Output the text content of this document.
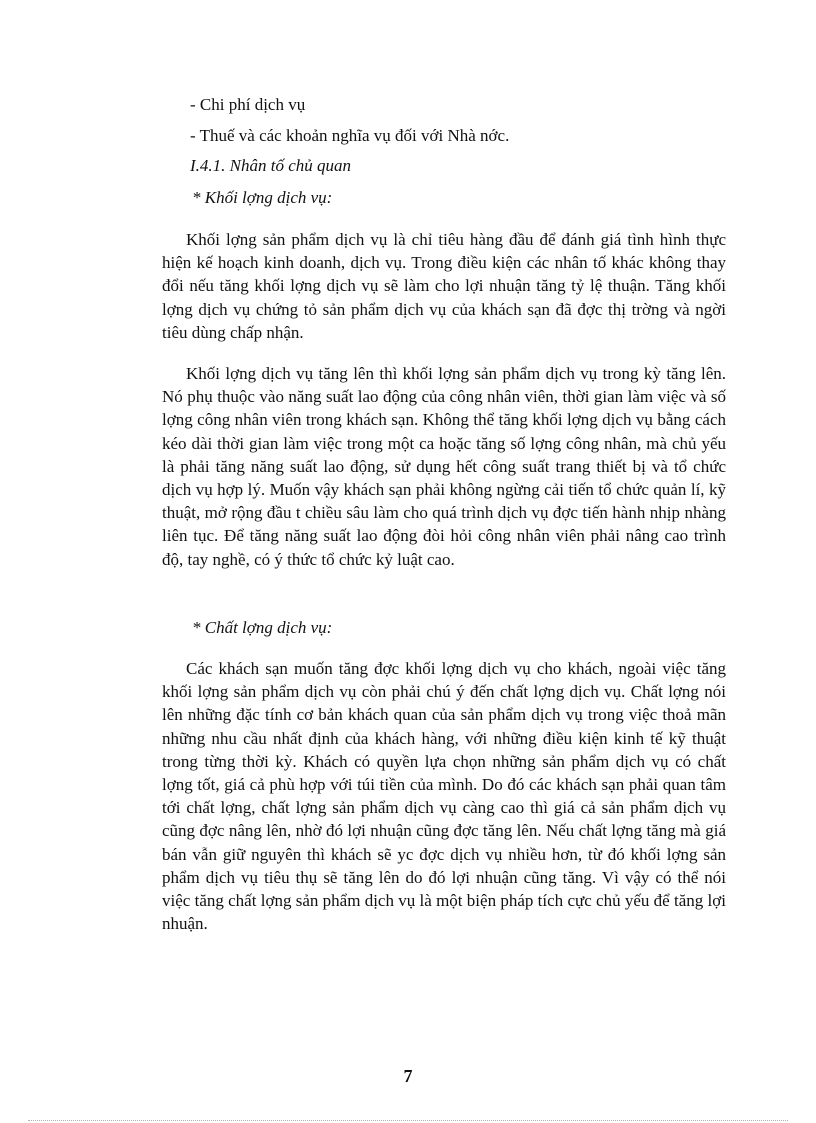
- Chi phí dịch vụ
- Thuế và các khoản nghĩa vụ đối với Nhà nớc.
I.4.1. Nhân tố chủ quan
* Khối lợng dịch vụ:

Khối lợng sản phẩm dịch vụ là chỉ tiêu hàng đầu để đánh giá tình hình thực hiện kế hoạch kinh doanh, dịch vụ. Trong điều kiện các nhân tố khác không thay đổi nếu tăng khối lợng dịch vụ sẽ làm cho lợi nhuận tăng tỷ lệ thuận. Tăng khối lợng dịch vụ chứng tỏ sản phẩm dịch vụ của khách sạn đã đợc thị trờng và ngời tiêu dùng chấp nhận.

Khối lợng dịch vụ tăng lên thì khối lợng sản phẩm dịch vụ trong kỳ tăng lên. Nó phụ thuộc vào năng suất lao động của công nhân viên, thời gian làm việc và số lợng công nhân viên trong khách sạn. Không thể tăng khối lợng dịch vụ bằng cách kéo dài thời gian làm việc trong một ca hoặc tăng số lợng công nhân, mà chủ yếu là phải tăng năng suất lao động, sử dụng hết công suất trang thiết bị và tổ chức dịch vụ hợp lý. Muốn vậy khách sạn phải không ngừng cải tiến tổ chức quản lí, kỹ thuật, mở rộng đầu t chiều sâu làm cho quá trình dịch vụ đợc tiến hành nhịp nhàng liên tục. Để tăng năng suất lao động đòi hỏi công nhân viên phải nâng cao trình độ, tay nghề, có ý thức tổ chức kỷ luật cao.

* Chất lợng dịch vụ:

Các khách sạn muốn tăng đợc khối lợng dịch vụ cho khách, ngoài việc tăng khối lợng sản phẩm dịch vụ còn phải chú ý đến chất lợng dịch vụ. Chất lợng nói lên những đặc tính cơ bản khách quan của sản phẩm dịch vụ trong việc thoả mãn những nhu cầu nhất định của khách hàng, với những điều kiện kinh tế kỹ thuật trong từng thời kỳ. Khách có quyền lựa chọn những sản phẩm dịch vụ có chất lợng tốt, giá cả phù hợp với túi tiền của mình. Do đó các khách sạn phải quan tâm tới chất lợng, chất lợng sản phẩm dịch vụ càng cao thì giá cả sản phẩm dịch vụ cũng đợc nâng lên, nhờ đó lợi nhuận cũng đợc tăng lên. Nếu chất lợng tăng mà giá bán vẫn giữ nguyên thì khách sẽ yc đợc dịch vụ nhiều hơn, từ đó khối lợng sản phẩm dịch vụ tiêu thụ sẽ tăng lên do đó lợi nhuận cũng tăng. Vì vậy có thể nói việc tăng chất lợng sản phẩm dịch vụ là một biện pháp tích cực chủ yếu để tăng lợi nhuận.

7
